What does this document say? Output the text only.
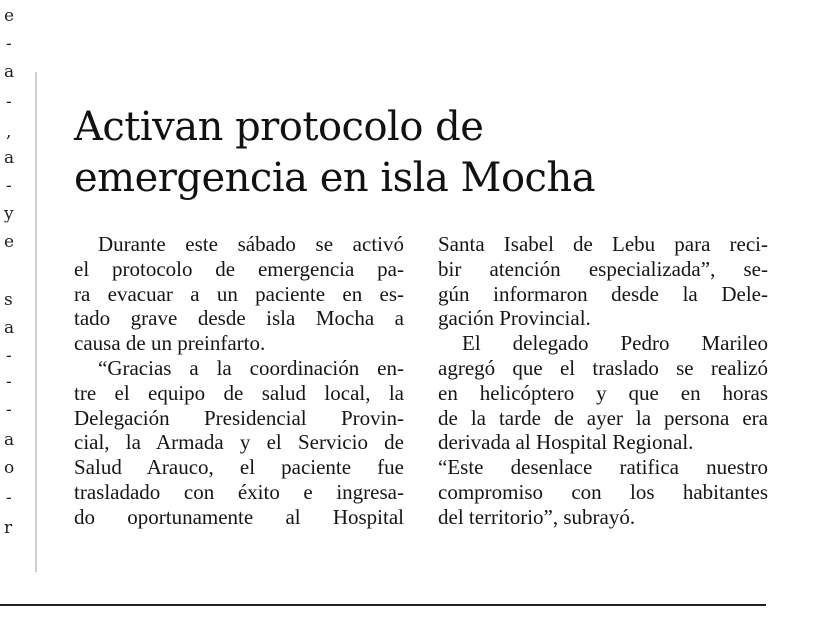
e
-
a
-
,
a
-
y
e
s
a
-
-
-
a
o
-
r
Activan protocolo de
emergencia en isla Mocha
Durante este sábado se activó
el protocolo de emergencia pa-
ra evacuar a un paciente en es-
tado grave desde isla Mocha a
causa de un preinfarto.
“Gracias a la coordinación en-
tre el equipo de salud local, la
Delegación Presidencial Provin-
cial, la Armada y el Servicio de
Salud Arauco, el paciente fue
trasladado con éxito e ingresa-
do oportunamente al Hospital
Santa Isabel de Lebu para reci-
bir atención especializada”, se-
gún informaron desde la Dele-
gación Provincial.
El delegado Pedro Marileo
agregó que el traslado se realizó
en helicóptero y que en horas
de la tarde de ayer la persona era
derivada al Hospital Regional.
“Este desenlace ratifica nuestro
compromiso con los habitantes
del territorio”, subrayó.
